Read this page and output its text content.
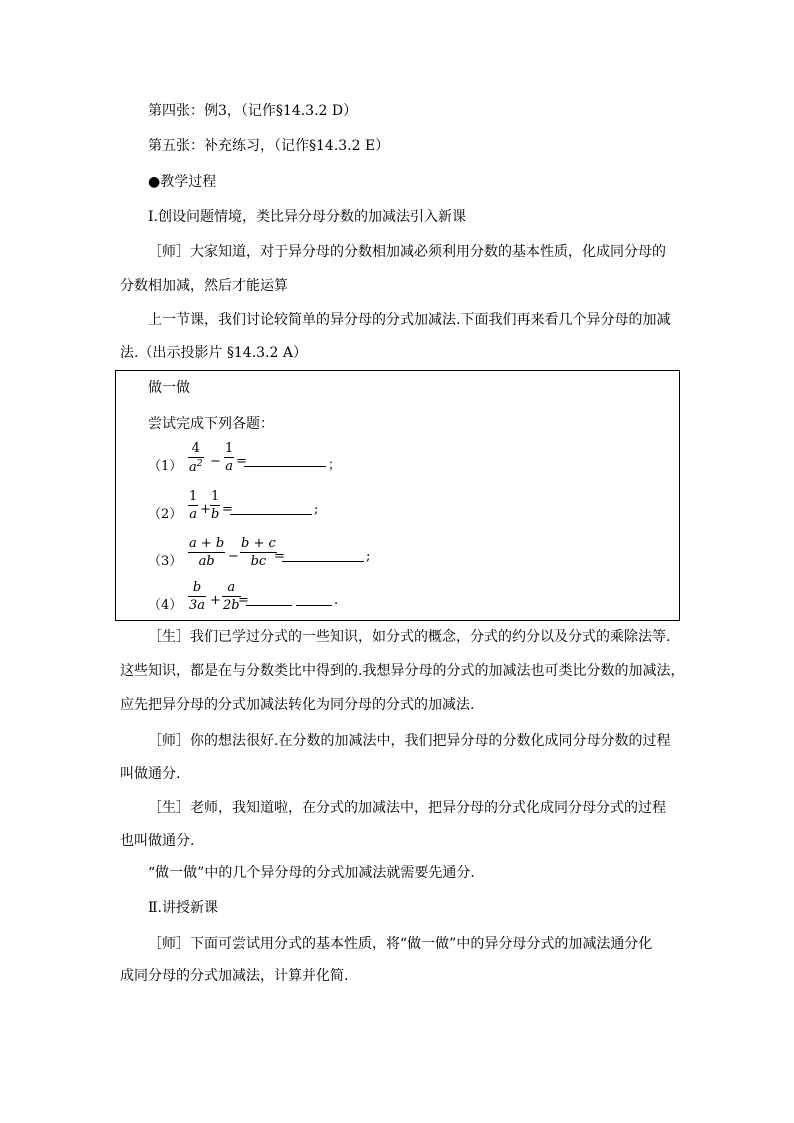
第四张：例3，（记作§14.3.2 D）
第五张：补充练习，（记作§14.3.2 E）
●教学过程
Ⅰ.创设问题情境，类比异分母分数的加减法引入新课
［师］大家知道，对于异分母的分数相加减必须利用分数的基本性质，化成同分母的
分数相加减，然后才能运算
上一节课，我们讨论较简单的异分母的分式加减法.下面我们再来看几个异分母的加减
法.（出示投影片 §14.3.2 A）
做一做
尝试完成下列各题：
（1）
4
$a^2$ −
1
a =	；
（2）
1
a +
1
b =	;
（3）
a + b
ab −
b + c
bc =	;
（4）
b
3a +
a
2b
=	.
［生］我们已学过分式的一些知识，如分式的概念，分式的约分以及分式的乘除法等.
这些知识，都是在与分数类比中得到的.我想异分母的分式的加减法也可类比分数的加减法，
应先把异分母的分式加减法转化为同分母的分式的加减法.
［师］你的想法很好.在分数的加减法中，我们把异分母的分数化成同分母分数的过程
叫做通分.
［生］老师，我知道啦，在分式的加减法中，把异分母的分式化成同分母分式的过程
也叫做通分.
“做一做”中的几个异分母的分式加减法就需要先通分.
Ⅱ.讲授新课
［师］下面可尝试用分式的基本性质，将“做一做”中的异分母分式的加减法通分化
成同分母的分式加减法，计算并化简.
